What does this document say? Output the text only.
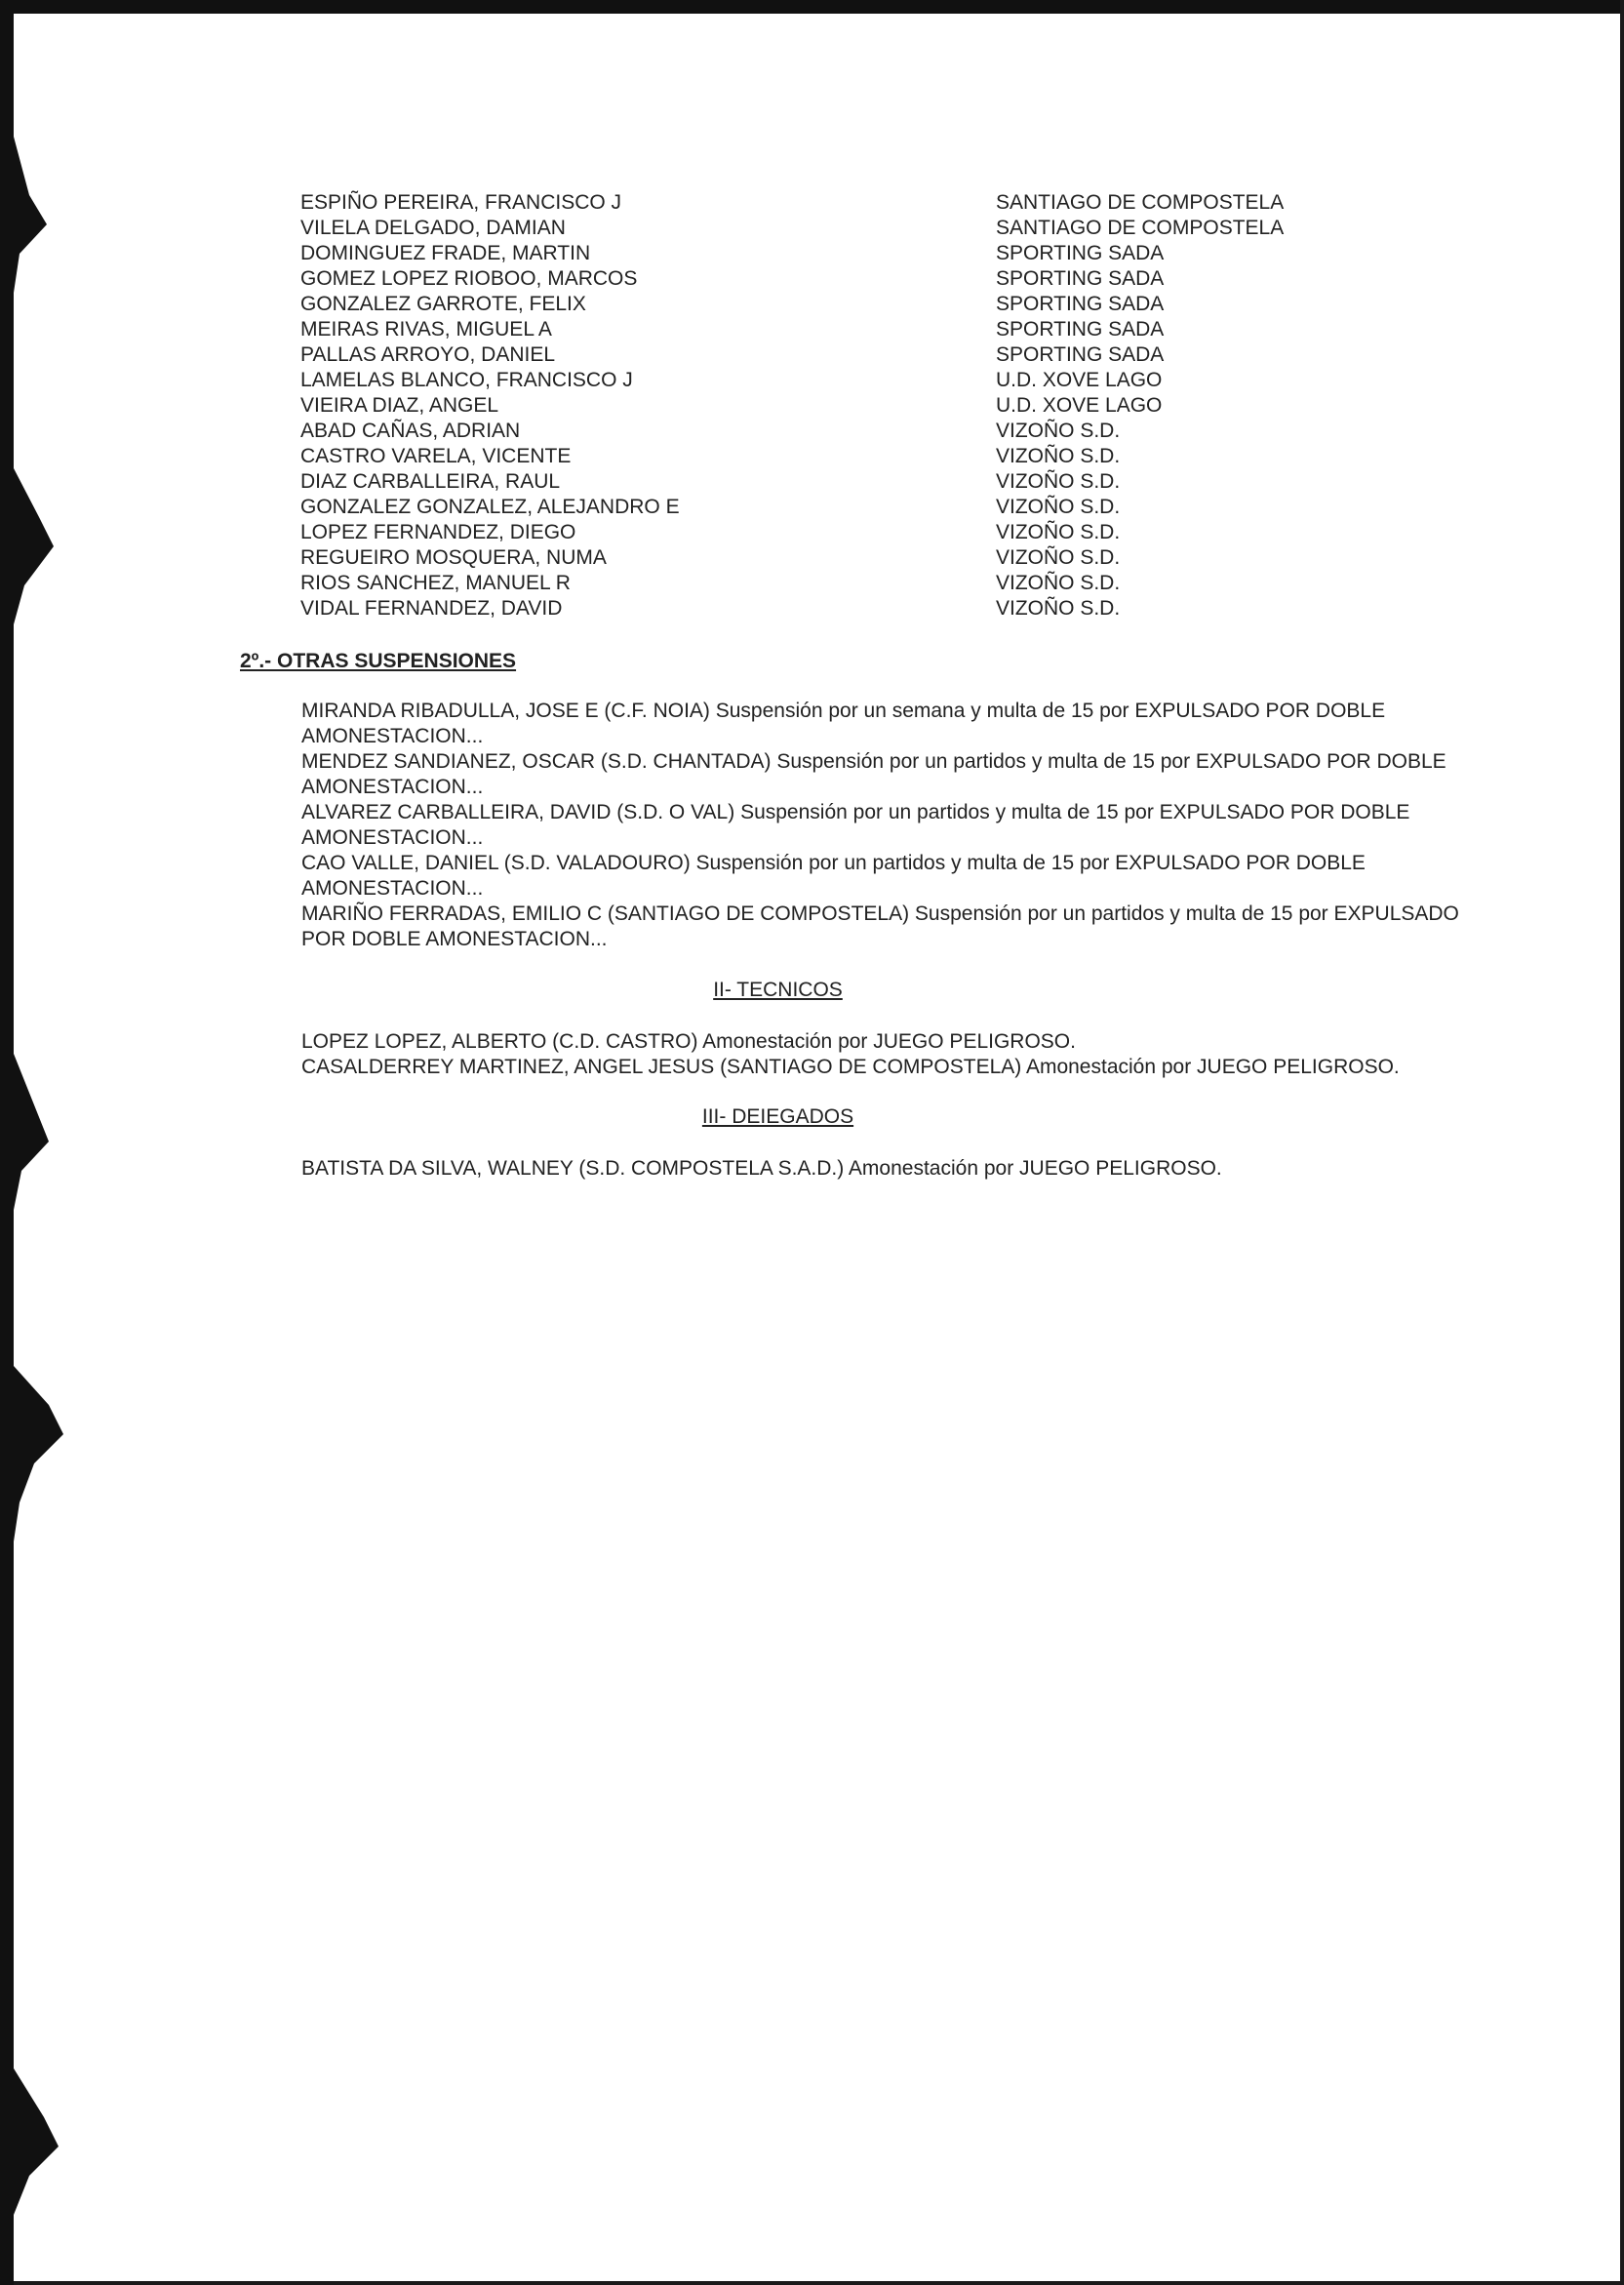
ESPIÑO PEREIRA, FRANCISCO J	SANTIAGO DE COMPOSTELA
VILELA DELGADO, DAMIAN	SANTIAGO DE COMPOSTELA
DOMINGUEZ FRADE, MARTIN	SPORTING SADA
GOMEZ LOPEZ RIOBOO, MARCOS	SPORTING SADA
GONZALEZ GARROTE, FELIX	SPORTING SADA
MEIRAS RIVAS, MIGUEL A	SPORTING SADA
PALLAS ARROYO, DANIEL	SPORTING SADA
LAMELAS BLANCO, FRANCISCO J	U.D. XOVE LAGO
VIEIRA DIAZ, ANGEL	U.D. XOVE LAGO
ABAD CAÑAS, ADRIAN	VIZOÑO S.D.
CASTRO VARELA, VICENTE	VIZOÑO S.D.
DIAZ CARBALLEIRA, RAUL	VIZOÑO S.D.
GONZALEZ GONZALEZ, ALEJANDRO E	VIZOÑO S.D.
LOPEZ FERNANDEZ, DIEGO	VIZOÑO S.D.
REGUEIRO MOSQUERA, NUMA	VIZOÑO S.D.
RIOS SANCHEZ, MANUEL R	VIZOÑO S.D.
VIDAL FERNANDEZ, DAVID	VIZOÑO S.D.
2º.- OTRAS SUSPENSIONES
MIRANDA RIBADULLA, JOSE E (C.F. NOIA) Suspensión por un semana y multa de 15 por EXPULSADO POR DOBLE AMONESTACION...
MENDEZ SANDIANEZ, OSCAR (S.D. CHANTADA) Suspensión por un partidos y multa de 15 por EXPULSADO POR DOBLE AMONESTACION...
ALVAREZ CARBALLEIRA, DAVID (S.D. O VAL) Suspensión por un partidos y multa de 15 por EXPULSADO POR DOBLE AMONESTACION...
CAO VALLE, DANIEL (S.D. VALADOURO) Suspensión por un partidos y multa de 15 por EXPULSADO POR DOBLE AMONESTACION...
MARIÑO FERRADAS, EMILIO C (SANTIAGO DE COMPOSTELA) Suspensión por un partidos y multa de 15 por EXPULSADO POR DOBLE AMONESTACION...
II- TECNICOS
LOPEZ LOPEZ, ALBERTO (C.D. CASTRO) Amonestación por JUEGO PELIGROSO.
CASALDERREY MARTINEZ, ANGEL JESUS (SANTIAGO DE COMPOSTELA) Amonestación por JUEGO PELIGROSO.
III- DEIEGADOS
BATISTA DA SILVA, WALNEY (S.D. COMPOSTELA S.A.D.) Amonestación por JUEGO PELIGROSO.
